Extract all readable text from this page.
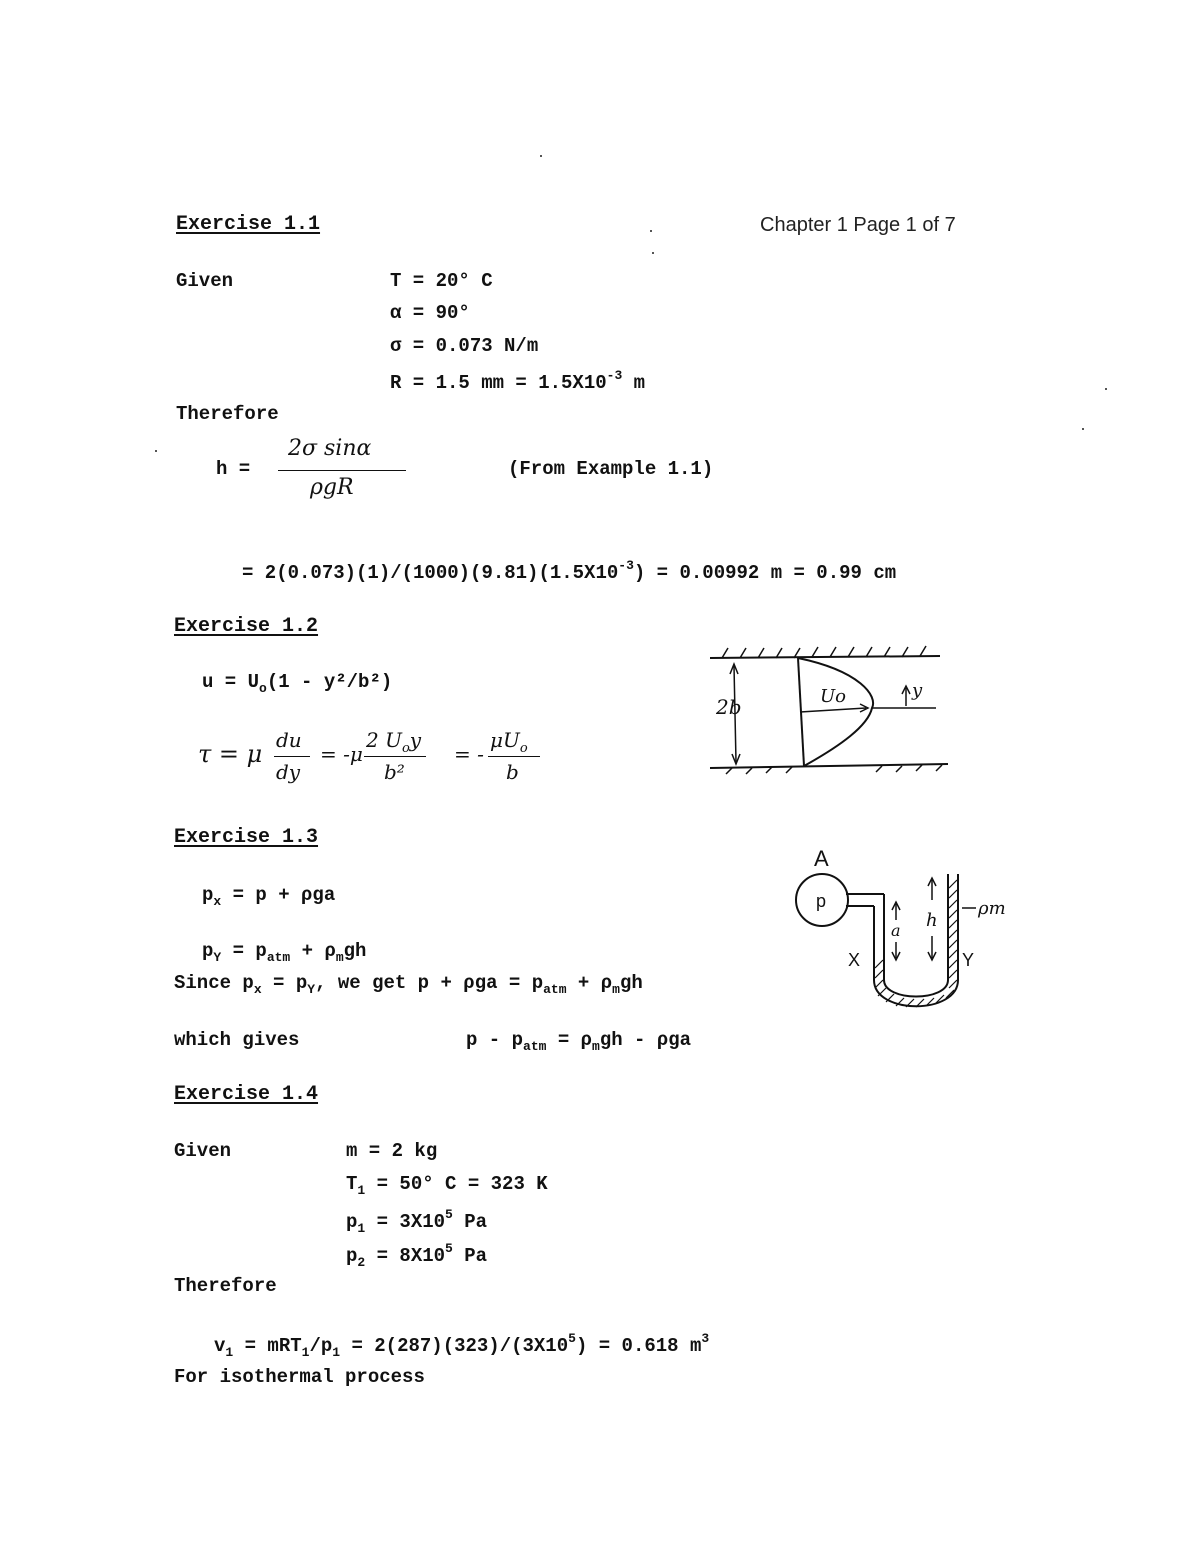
Chapter 1 Page 1 of 7
Exercise 1.1
Given	T = 20° C
α = 90°
σ = 0.073 N/m
R = 1.5 mm = $1.5X10^{-3}$ m
Therefore
h =
2σ sinα
ρgR
(From Example 1.1)
= $2(0.073)(1)/(1000)(9.81)(1.5X10^{-3}) = 0.00992$ m = 0.99 cm
Exercise 1.2
$u = U_o(1 - y^2/b^2)$
τ = μ du
dy
= -μ
2 $U_oy$
b²
= -
$\mu U_o$
b
2b	Uo	y
Exercise 1.3
$p_x = p + \rho ga$
$p_Y = p_{atm} + \rho_mgh$
Since $p_x = p_Y$, we get $p + \rho ga = p_{atm} + \rho_mgh$
which gives	$p - p_{atm} = \rho_mgh - \rho ga$
A
p
a h
X	Y
ρm
Exercise 1.4
Given	m = 2 kg
$T_1 = 50^\circ$ C = 323 K
$p_1 = 3X10^5$ Pa
$p_2 = 8X10^5$ Pa
Therefore
$v_1 = mRT_1/p_1 = 2(287)(323)/(3X10^5) = 0.618$ $m^3$
For isothermal process
